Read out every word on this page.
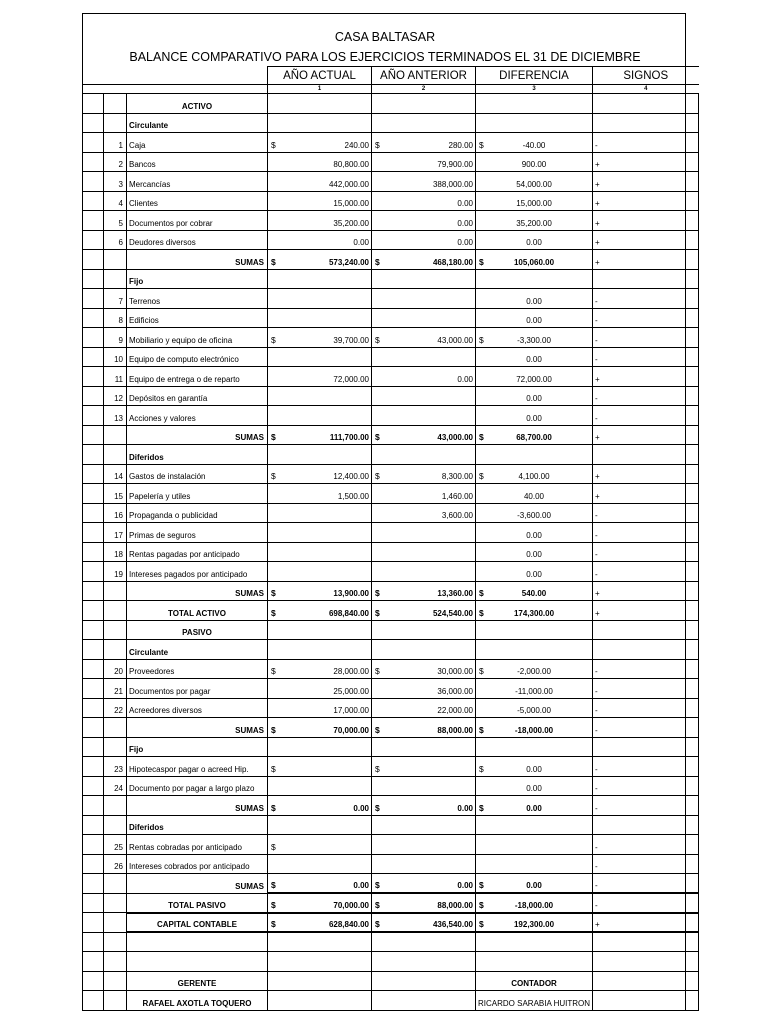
CASA BALTASAR
BALANCE COMPARATIVO PARA LOS EJERCICIOS TERMINADOS EL 31 DE DICIEMBRE
			AÑO ACTUAL	AÑO ANTERIOR	DIFERENCIA	SIGNOS
			1	2	3	4
		ACTIVO				
		Circulante				
	1	Caja	$ 240.00	$ 280.00	$ -40.00	-
	2	Bancos	80,800.00	79,900.00	900.00	+
	3	Mercancías	442,000.00	388,000.00	54,000.00	+
	4	Clientes	15,000.00	0.00	15,000.00	+
	5	Documentos por cobrar	35,200.00	0.00	35,200.00	+
	6	Deudores diversos	0.00	0.00	0.00	+
		SUMAS	$ 573,240.00	$ 468,180.00	$ 105,060.00	+
		Fijo				
	7	Terrenos			0.00	-
	8	Edificios			0.00	-
	9	Mobiliario y equipo de oficina	$ 39,700.00	$ 43,000.00	$ -3,300.00	-
	10	Equipo de computo electrónico			0.00	-
	11	Equipo de entrega o de reparto	72,000.00	0.00	72,000.00	+
	12	Depósitos en garantía			0.00	-
	13	Acciones y valores			0.00	-
		SUMAS	$ 111,700.00	$ 43,000.00	$ 68,700.00	+
		Diferidos				
	14	Gastos de instalación	$ 12,400.00	$ 8,300.00	$ 4,100.00	+
	15	Papelería y utiles	1,500.00	1,460.00	40.00	+
	16	Propaganda o publicidad		3,600.00	-3,600.00	-
	17	Primas de seguros			0.00	-
	18	Rentas pagadas por anticipado			0.00	-
	19	Intereses pagados por anticipado			0.00	-
		SUMAS	$ 13,900.00	$ 13,360.00	$ 540.00	+
		TOTAL ACTIVO	$ 698,840.00	$ 524,540.00	$ 174,300.00	+
		PASIVO				
		Circulante				
	20	Proveedores	$ 28,000.00	$ 30,000.00	$ -2,000.00	-
	21	Documentos por pagar	25,000.00	36,000.00	-11,000.00	-
	22	Acreedores diversos	17,000.00	22,000.00	-5,000.00	-
		SUMAS	$ 70,000.00	$ 88,000.00	$ -18,000.00	-
		Fijo				
	23	Hipotecaspor pagar o acreed Hip.	$	$	$ 0.00	-
	24	Documento por pagar a largo plazo			0.00	-
		SUMAS	$ 0.00	$ 0.00	$ 0.00	-
		Diferidos				
	25	Rentas cobradas por anticipado	$			-
	26	Intereses cobrados por anticipado				-
		SUMAS	$ 0.00	$ 0.00	$ 0.00	-
		TOTAL PASIVO	$ 70,000.00	$ 88,000.00	$ -18,000.00	-
		CAPITAL CONTABLE	$ 628,840.00	$ 436,540.00	$ 192,300.00	+

		GERENTE			CONTADOR	
		RAFAEL AXOTLA TOQUERO			RICARDO SARABIA HUITRON	
